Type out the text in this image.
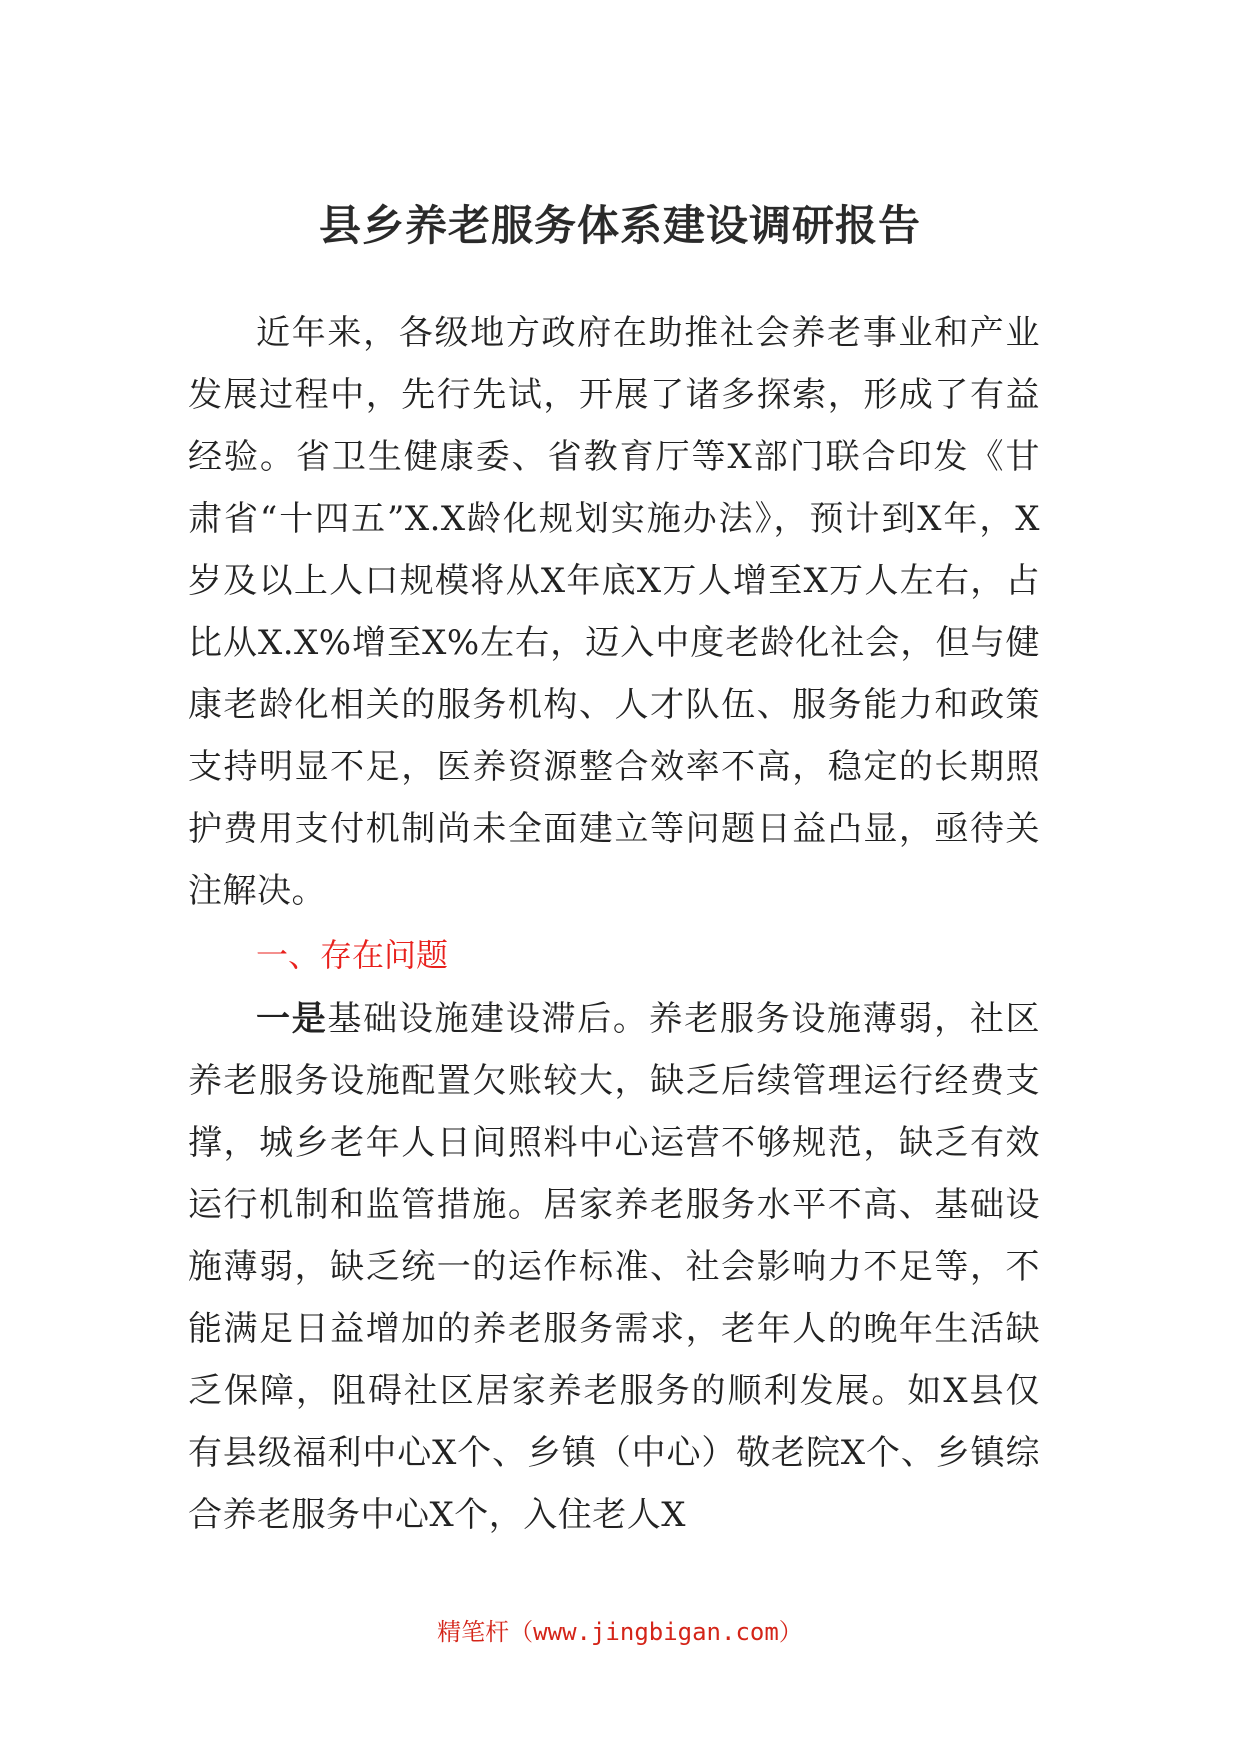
县乡养老服务体系建设调研报告

近年来，各级地方政府在助推社会养老事业和产业发展过程中，先行先试，开展了诸多探索，形成了有益经验。省卫生健康委、省教育厅等X部门联合印发《甘肃省“十四五”X.X龄化规划实施办法》，预计到X年，X岁及以上人口规模将从X年底X万人增至X万人左右，占比从X.X%增至X%左右，迈入中度老龄化社会，但与健康老龄化相关的服务机构、人才队伍、服务能力和政策支持明显不足，医养资源整合效率不高，稳定的长期照护费用支付机制尚未全面建立等问题日益凸显，亟待关注解决。

一、存在问题

一是基础设施建设滞后。养老服务设施薄弱，社区养老服务设施配置欠账较大，缺乏后续管理运行经费支撑，城乡老年人日间照料中心运营不够规范，缺乏有效运行机制和监管措施。居家养老服务水平不高、基础设施薄弱，缺乏统一的运作标准、社会影响力不足等，不能满足日益增加的养老服务需求，老年人的晚年生活缺乏保障，阻碍社区居家养老服务的顺利发展。如X县仅有县级福利中心X个、乡镇（中心）敬老院X个、乡镇综合养老服务中心X个，入住老人X

精笔杆（www.jingbigan.com）
